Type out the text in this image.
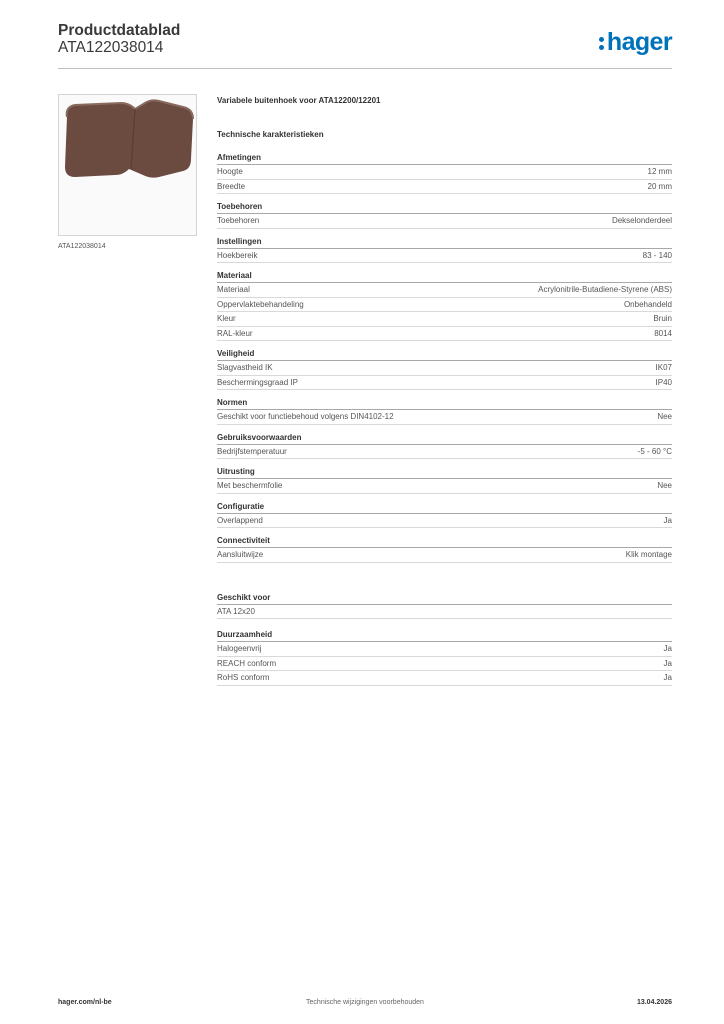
Productdatablad
ATA122038014	hager
ATA122038014
Variabele buitenhoek voor ATA12200/12201
Technische karakteristieken
Afmetingen
Hoogte	12 mm
Breedte	20 mm
Toebehoren
Toebehoren	Dekselonderdeel
Instellingen
Hoekbereik	83 - 140
Materiaal
Materiaal	Acrylonitrile-Butadiene-Styrene (ABS)
Oppervlaktebehandeling	Onbehandeld
Kleur	Bruin
RAL-kleur	8014
Veiligheid
Slagvastheid IK	IK07
Beschermingsgraad IP	IP40
Normen
Geschikt voor functiebehoud volgens DIN4102-12	Nee
Gebruiksvoorwaarden
Bedrijfstemperatuur	-5 - 60 °C
Uitrusting
Met beschermfolie	Nee
Configuratie
Overlappend	Ja
Connectiviteit
Aansluitwijze	Klik montage
Geschikt voor
ATA 12x20
Duurzaamheid
Halogeenvrij	Ja
REACH conform	Ja
RoHS conform	Ja
hager.com/nl-be	Technische wijzigingen voorbehouden	13.04.2026
